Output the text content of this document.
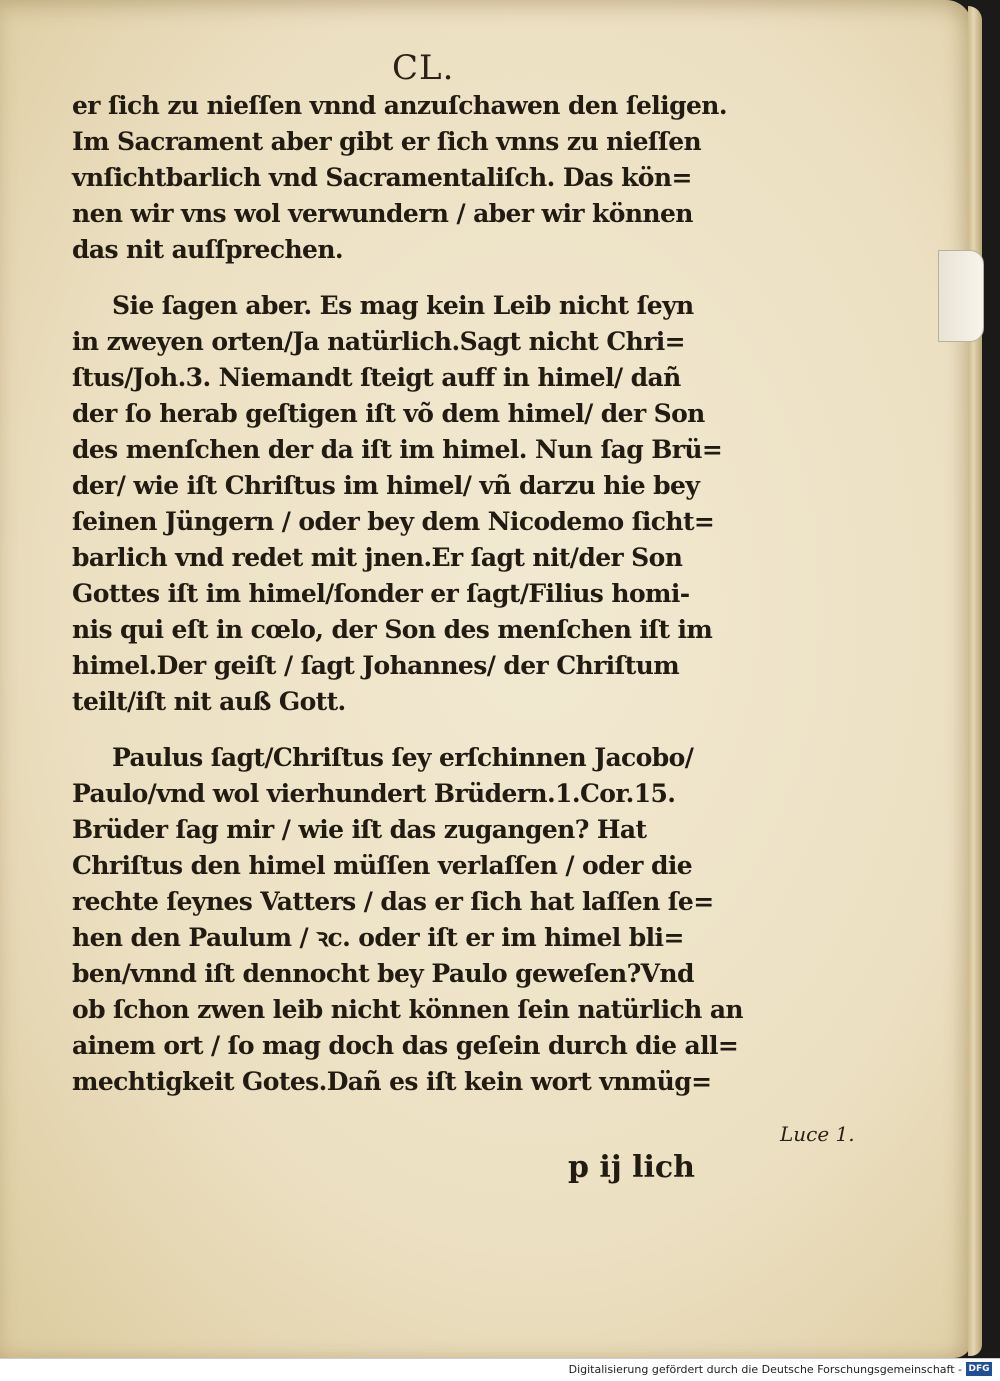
CL.
er ſich zu nieſſen vnnd anzuſchawen den ſeligen.
Im Sacrament aber gibt er ſich vnns zu nieſſen
vnſichtbarlich vnd Sacramentaliſch. Das kön=
nen wir vns wol verwundern / aber wir können
das nit auſſprechen.
Sie ſagen aber. Es mag kein Leib nicht ſeyn
in zweyen orten/Ja natürlich.Sagt nicht Chri=
ſtus/Joh.3. Niemandt ſteigt auff in himel/ dañ
der ſo herab geſtigen iſt võ dem himel/ der Son
des menſchen der da iſt im himel. Nun ſag Brü=
der/ wie iſt Chriſtus im himel/ vñ darzu hie bey
ſeinen Jüngern / oder bey dem Nicodemo ſicht=
barlich vnd redet mit jnen.Er ſagt nit/der Son
Gottes iſt im himel/ſonder er ſagt/Filius homi-
nis qui eſt in cœlo, der Son des menſchen iſt im
himel.Der geiſt / ſagt Johannes/ der Chriſtum
teilt/iſt nit auß Gott.
Paulus ſagt/Chriſtus ſey erſchinnen Jacobo/
Paulo/vnd wol vierhundert Brüdern.1.Cor.15.
Brüder ſag mir / wie iſt das zugangen? Hat
Chriſtus den himel müſſen verlaſſen / oder die
rechte ſeynes Vatters / das er ſich hat laſſen ſe=
hen den Paulum / ꝛc. oder iſt er im himel bli=
ben/vnnd iſt dennocht bey Paulo geweſen?Vnd
ob ſchon zwen leib nicht können ſein natürlich an
ainem ort / ſo mag doch das geſein durch die all=
mechtigkeit Gotes.Dañ es iſt kein wort vnmüg=
Luce 1.
p ij lich
Digitalisierung gefördert durch die Deutsche Forschungsgemeinschaft - DFG
